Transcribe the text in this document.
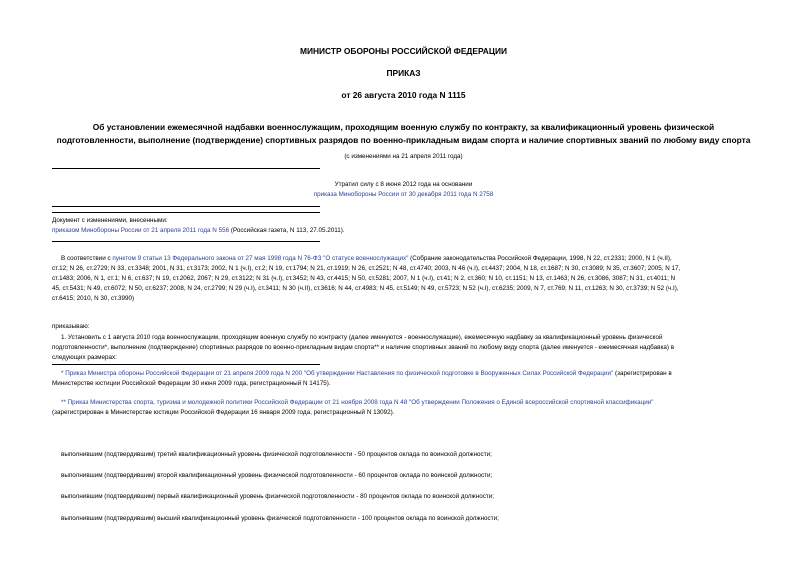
МИНИСТР ОБОРОНЫ РОССИЙСКОЙ ФЕДЕРАЦИИ
ПРИКАЗ
от 26 августа 2010 года N 1115
Об установлении ежемесячной надбавки военнослужащим, проходящим военную службу по контракту, за квалификационный уровень физической
подготовленности, выполнение (подтверждение) спортивных разрядов по военно-прикладным видам спорта и наличие спортивных званий по любому виду спорта
(с изменениями на 21 апреля 2011 года)
Утратил силу с 8 июня 2012 года на основании
приказа Минобороны России от 30 декабря 2011 года N 2758
Документ с изменениями, внесенными:
приказом Минобороны России от 21 апреля 2011 года N 556 (Российская газета, N 113, 27.05.2011).

В соответствии с пунктом 9 статьи 13 Федерального закона от 27 мая 1998 года N 76-ФЗ "О статусе военнослужащих" (Собрание законодательства Российской Федерации, 1998, N 22, ст.2331; 2000, N 1 (ч.II),

ст.12; N 26, ст.2729; N 33, ст.3348; 2001, N 31, ст.3173; 2002, N 1 (ч.I), ст.2; N 19, ст.1794; N 21, ст.1919; N 26, ст.2521; N 48, ст.4740; 2003, N 46 (ч.I), ст.4437; 2004, N 18, ст.1687; N 30, ст.3089; N 35, ст.3607; 2005, N 17,

ст.1483; 2006, N 1, ст.1; N 6, ст.637; N 19, ст.2062, 2067; N 29, ст.3122; N 31 (ч.I), ст.3452; N 43, ст.4415; N 50, ст.5281; 2007, N 1 (ч.I), ст.41; N 2, ст.360; N 10, ст.1151; N 13, ст.1463; N 26, ст.3086, 3087; N 31, ст.4011; N

45, ст.5431; N 49, ст.6072; N 50, ст.6237; 2008, N 24, ст.2799; N 29 (ч.I), ст.3411; N 30 (ч.II), ст.3616; N 44, ст.4983; N 45, ст.5149; N 49, ст.5723; N 52 (ч.I), ст.6235; 2009, N 7, ст.769; N 11, ст.1263; N 30, ст.3739; N 52 (ч.I),

ст.6415; 2010, N 30, ст.3990)

приказываю:

1. Установить с 1 августа 2010 года военнослужащим, проходящим военную службу по контракту (далее именуются - военнослужащие), ежемесячную надбавку за квалификационный уровень физической

подготовленности*, выполнение (подтверждение) спортивных разрядов по военно-прикладным видам спорта** и наличие спортивных званий по любому виду спорта (далее именуется - ежемесячная надбавка) в

следующих размерах:

* Приказ Министра обороны Российской Федерации от 21 апреля 2009 года N 200 "Об утверждении Наставления по физической подготовке в Вооруженных Силах Российской Федерации" (зарегистрирован в

Министерстве юстиции Российской Федерации 30 июня 2009 года, регистрационный N 14175).

** Приказ Министерства спорта, туризма и молодежной политики Российской Федерации от 21 ноября 2008 года N 48 "Об утверждении Положения о Единой всероссийской спортивной классификации"

(зарегистрирован в Министерстве юстиции Российской Федерации 16 января 2009 года, регистрационный N 13092).

выполнившим (подтвердившим) третий квалификационный уровень физической подготовленности - 50 процентов оклада по воинской должности;
выполнившим (подтвердившим) второй квалификационный уровень физической подготовленности - 60 процентов оклада по воинской должности;
выполнившим (подтвердившим) первый квалификационный уровень физической подготовленности - 80 процентов оклада по воинской должности;
выполнившим (подтвердившим) высший квалификационный уровень физической подготовленности - 100 процентов оклада по воинской должности;
